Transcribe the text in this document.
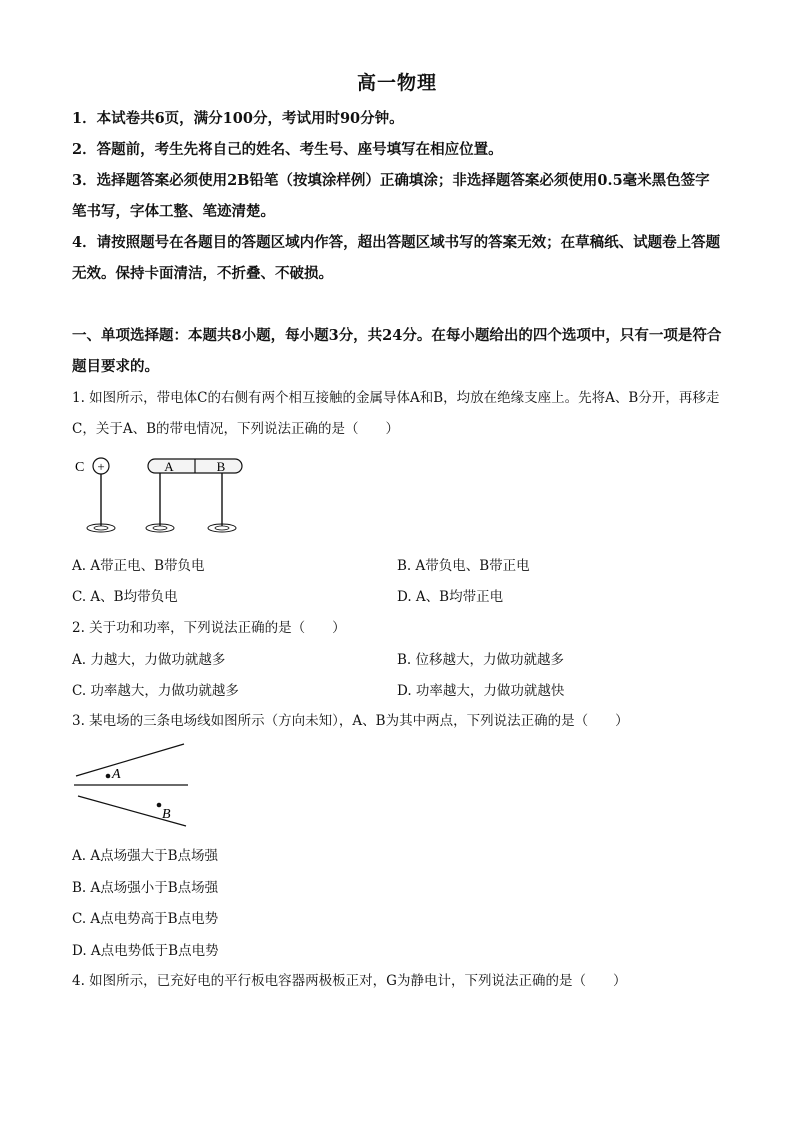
高一物理
1．本试卷共6页，满分100分，考试用时90分钟。
2．答题前，考生先将自己的姓名、考生号、座号填写在相应位置。
3．选择题答案必须使用2B铅笔（按填涂样例）正确填涂；非选择题答案必须使用0.5毫米黑色签字笔书写，字体工整、笔迹清楚。
4．请按照题号在各题目的答题区域内作答，超出答题区域书写的答案无效；在草稿纸、试题卷上答题无效。保持卡面清洁，不折叠、不破损。
一、单项选择题：本题共8小题，每小题3分，共24分。在每小题给出的四个选项中，只有一项是符合题目要求的。
1. 如图所示，带电体C的右侧有两个相互接触的金属导体A和B，均放在绝缘支座上。先将A、B分开，再移走C，关于A、B的带电情况，下列说法正确的是（　　）
C +	A	B
A. A带正电、B带负电	B. A带负电、B带正电
C. A、B均带负电	D. A、B均带正电
2. 关于功和功率，下列说法正确的是（　　）
A. 力越大，力做功就越多	B. 位移越大，力做功就越多
C. 功率越大，力做功就越多	D. 功率越大，力做功就越快
3. 某电场的三条电场线如图所示（方向未知），A、B为其中两点，下列说法正确的是（　　）
A
B
A. A点场强大于B点场强
B. A点场强小于B点场强
C. A点电势高于B点电势
D. A点电势低于B点电势
4. 如图所示，已充好电的平行板电容器两极板正对，G为静电计，下列说法正确的是（　　）
